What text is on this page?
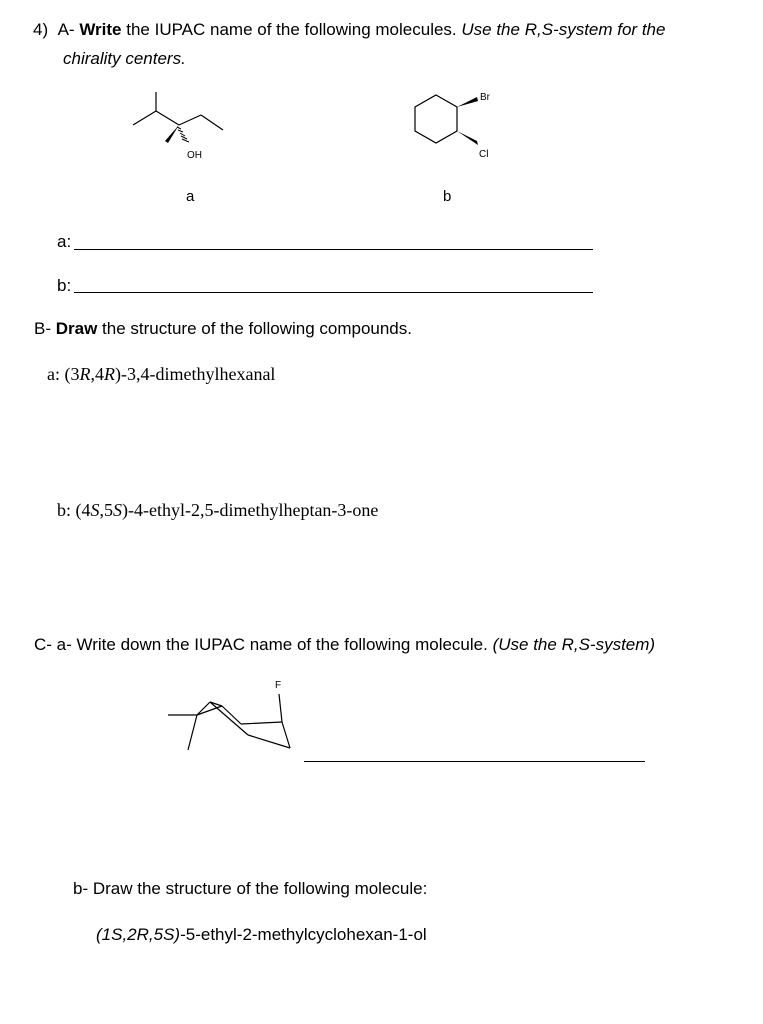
4) A- Write the IUPAC name of the following molecules. Use the R,S-system for the
chirality centers.
OH
a
Br
Cl
b
a:
b:
B- Draw the structure of the following compounds.
a: (3R,4R)-3,4-dimethylhexanal
b: (4S,5S)-4-ethyl-2,5-dimethylheptan-3-one
C- a- Write down the IUPAC name of the following molecule. (Use the R,S-system)
F
b- Draw the structure of the following molecule:
(1S,2R,5S)-5-ethyl-2-methylcyclohexan-1-ol
